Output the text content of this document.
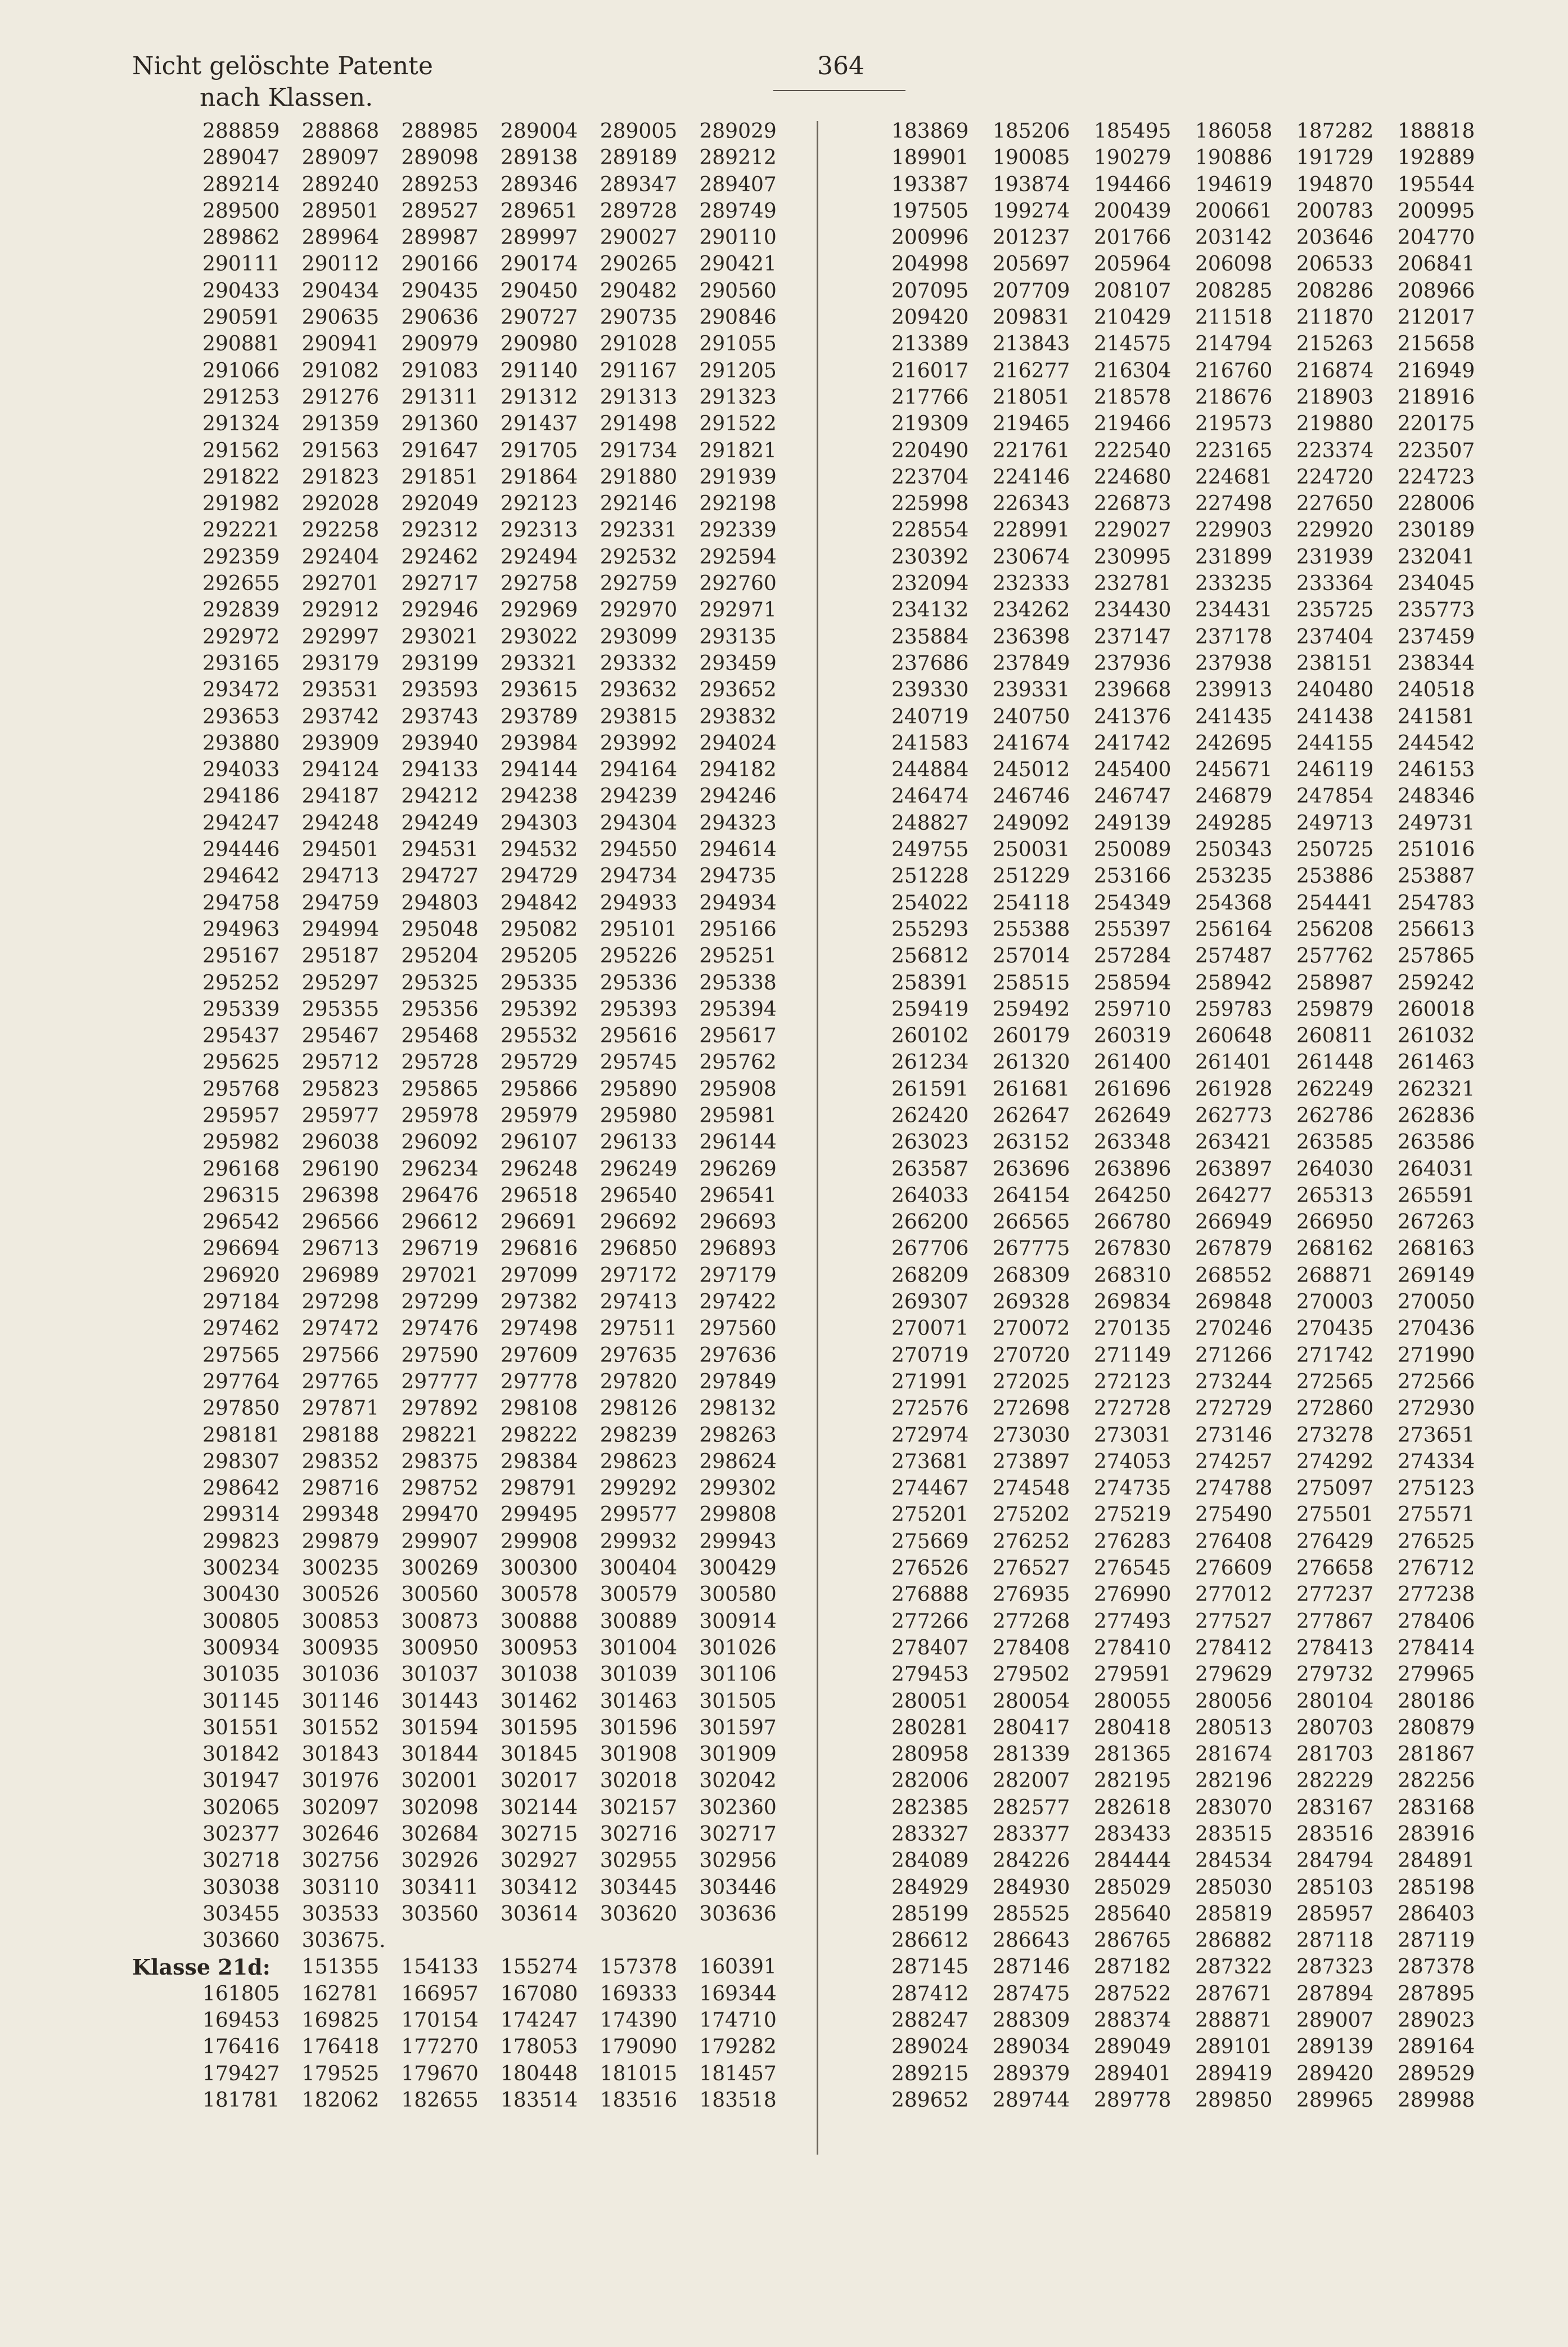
Nicht gelöschte Patente
nach Klassen.
364
288859	288868	288985	289004	289005	289029
289047	289097	289098	289138	289189	289212
289214	289240	289253	289346	289347	289407
289500	289501	289527	289651	289728	289749
289862	289964	289987	289997	290027	290110
290111	290112	290166	290174	290265	290421
290433	290434	290435	290450	290482	290560
290591	290635	290636	290727	290735	290846
290881	290941	290979	290980	291028	291055
291066	291082	291083	291140	291167	291205
291253	291276	291311	291312	291313	291323
291324	291359	291360	291437	291498	291522
291562	291563	291647	291705	291734	291821
291822	291823	291851	291864	291880	291939
291982	292028	292049	292123	292146	292198
292221	292258	292312	292313	292331	292339
292359	292404	292462	292494	292532	292594
292655	292701	292717	292758	292759	292760
292839	292912	292946	292969	292970	292971
292972	292997	293021	293022	293099	293135
293165	293179	293199	293321	293332	293459
293472	293531	293593	293615	293632	293652
293653	293742	293743	293789	293815	293832
293880	293909	293940	293984	293992	294024
294033	294124	294133	294144	294164	294182
294186	294187	294212	294238	294239	294246
294247	294248	294249	294303	294304	294323
294446	294501	294531	294532	294550	294614
294642	294713	294727	294729	294734	294735
294758	294759	294803	294842	294933	294934
294963	294994	295048	295082	295101	295166
295167	295187	295204	295205	295226	295251
295252	295297	295325	295335	295336	295338
295339	295355	295356	295392	295393	295394
295437	295467	295468	295532	295616	295617
295625	295712	295728	295729	295745	295762
295768	295823	295865	295866	295890	295908
295957	295977	295978	295979	295980	295981
295982	296038	296092	296107	296133	296144
296168	296190	296234	296248	296249	296269
296315	296398	296476	296518	296540	296541
296542	296566	296612	296691	296692	296693
296694	296713	296719	296816	296850	296893
296920	296989	297021	297099	297172	297179
297184	297298	297299	297382	297413	297422
297462	297472	297476	297498	297511	297560
297565	297566	297590	297609	297635	297636
297764	297765	297777	297778	297820	297849
297850	297871	297892	298108	298126	298132
298181	298188	298221	298222	298239	298263
298307	298352	298375	298384	298623	298624
298642	298716	298752	298791	299292	299302
299314	299348	299470	299495	299577	299808
299823	299879	299907	299908	299932	299943
300234	300235	300269	300300	300404	300429
300430	300526	300560	300578	300579	300580
300805	300853	300873	300888	300889	300914
300934	300935	300950	300953	301004	301026
301035	301036	301037	301038	301039	301106
301145	301146	301443	301462	301463	301505
301551	301552	301594	301595	301596	301597
301842	301843	301844	301845	301908	301909
301947	301976	302001	302017	302018	302042
302065	302097	302098	302144	302157	302360
302377	302646	302684	302715	302716	302717
302718	302756	302926	302927	302955	302956
303038	303110	303411	303412	303445	303446
303455	303533	303560	303614	303620	303636
303660	303675.
Klasse 21d: 151355	154133	155274	157378	160391
161805	162781	166957	167080	169333	169344
169453	169825	170154	174247	174390	174710
176416	176418	177270	178053	179090	179282
179427	179525	179670	180448	181015	181457
181781	182062	182655	183514	183516	183518
183869	185206	185495	186058	187282	188818
189901	190085	190279	190886	191729	192889
193387	193874	194466	194619	194870	195544
197505	199274	200439	200661	200783	200995
200996	201237	201766	203142	203646	204770
204998	205697	205964	206098	206533	206841
207095	207709	208107	208285	208286	208966
209420	209831	210429	211518	211870	212017
213389	213843	214575	214794	215263	215658
216017	216277	216304	216760	216874	216949
217766	218051	218578	218676	218903	218916
219309	219465	219466	219573	219880	220175
220490	221761	222540	223165	223374	223507
223704	224146	224680	224681	224720	224723
225998	226343	226873	227498	227650	228006
228554	228991	229027	229903	229920	230189
230392	230674	230995	231899	231939	232041
232094	232333	232781	233235	233364	234045
234132	234262	234430	234431	235725	235773
235884	236398	237147	237178	237404	237459
237686	237849	237936	237938	238151	238344
239330	239331	239668	239913	240480	240518
240719	240750	241376	241435	241438	241581
241583	241674	241742	242695	244155	244542
244884	245012	245400	245671	246119	246153
246474	246746	246747	246879	247854	248346
248827	249092	249139	249285	249713	249731
249755	250031	250089	250343	250725	251016
251228	251229	253166	253235	253886	253887
254022	254118	254349	254368	254441	254783
255293	255388	255397	256164	256208	256613
256812	257014	257284	257487	257762	257865
258391	258515	258594	258942	258987	259242
259419	259492	259710	259783	259879	260018
260102	260179	260319	260648	260811	261032
261234	261320	261400	261401	261448	261463
261591	261681	261696	261928	262249	262321
262420	262647	262649	262773	262786	262836
263023	263152	263348	263421	263585	263586
263587	263696	263896	263897	264030	264031
264033	264154	264250	264277	265313	265591
266200	266565	266780	266949	266950	267263
267706	267775	267830	267879	268162	268163
268209	268309	268310	268552	268871	269149
269307	269328	269834	269848	270003	270050
270071	270072	270135	270246	270435	270436
270719	270720	271149	271266	271742	271990
271991	272025	272123	273244	272565	272566
272576	272698	272728	272729	272860	272930
272974	273030	273031	273146	273278	273651
273681	273897	274053	274257	274292	274334
274467	274548	274735	274788	275097	275123
275201	275202	275219	275490	275501	275571
275669	276252	276283	276408	276429	276525
276526	276527	276545	276609	276658	276712
276888	276935	276990	277012	277237	277238
277266	277268	277493	277527	277867	278406
278407	278408	278410	278412	278413	278414
279453	279502	279591	279629	279732	279965
280051	280054	280055	280056	280104	280186
280281	280417	280418	280513	280703	280879
280958	281339	281365	281674	281703	281867
282006	282007	282195	282196	282229	282256
282385	282577	282618	283070	283167	283168
283327	283377	283433	283515	283516	283916
284089	284226	284444	284534	284794	284891
284929	284930	285029	285030	285103	285198
285199	285525	285640	285819	285957	286403
286612	286643	286765	286882	287118	287119
287145	287146	287182	287322	287323	287378
287412	287475	287522	287671	287894	287895
288247	288309	288374	288871	289007	289023
289024	289034	289049	289101	289139	289164
289215	289379	289401	289419	289420	289529
289652	289744	289778	289850	289965	289988
